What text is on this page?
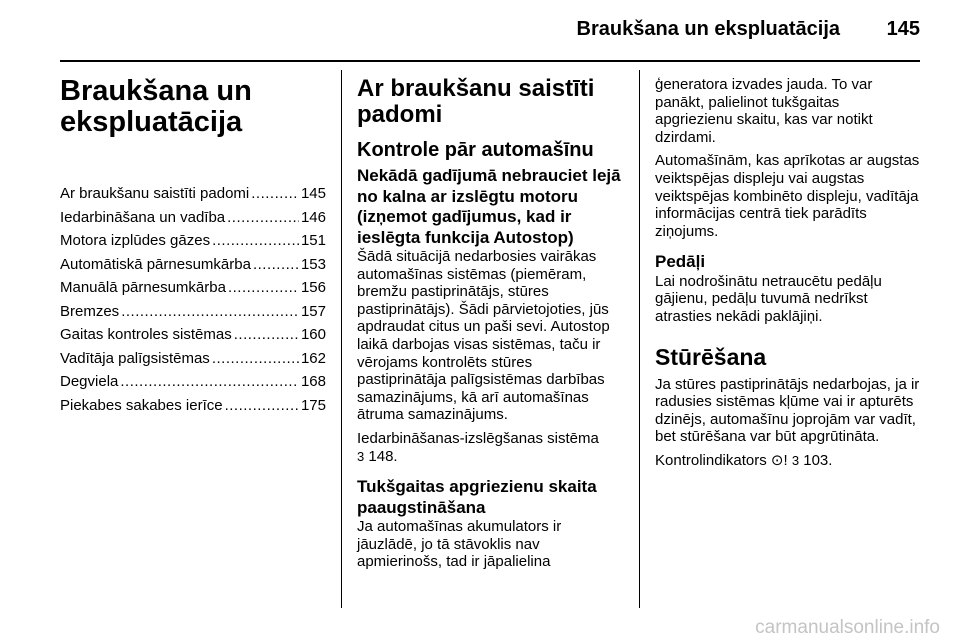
Braukšana un ekspluatācija 145
Braukšana un
ekspluatācija
Ar braukšanu saistīti padomi .....	145
Iedarbināšana un vadība .....	146
Motora izplūdes gāzes .....	151
Automātiskā pārnesumkārba .....	153
Manuālā pārnesumkārba .....	156
Bremzes .....	157
Gaitas kontroles sistēmas .....	160
Vadītāja palīgsistēmas .....	162
Degviela .....	168
Piekabes sakabes ierīce .....	175
Ar braukšanu saistīti
padomi
Kontrole pār automašīnu
Nekādā gadījumā nebrauciet lejā no kalna ar izslēgtu motoru (izņemot gadījumus, kad ir ieslēgta funkcija Autostop)

Šādā situācijā nedarbosies vairākas automašīnas sistēmas (piemēram, bremžu pastiprinātājs, stūres pastiprinātājs). Šādi pārvietojoties, jūs apdraudat citus un paši sevi. Autostop laikā darbojas visas sistēmas, taču ir vērojams kontrolēts stūres pastiprinātāja palīgsistēmas darbības samazinājums, kā arī automašīnas ātruma samazinājums.

Iedarbināšanas-izslēgšanas sistēma
3 148.

Tukšgaitas apgriezienu skaita paaugstināšana

Ja automašīnas akumulators ir jāuzlādē, jo tā stāvoklis nav apmierinošs, tad ir jāpalielina

ģeneratora izvades jauda. To var panākt, palielinot tukšgaitas apgriezienu skaitu, kas var notikt dzirdami.

Automašīnām, kas aprīkotas ar augstas veiktspējas displeju vai augstas veiktspējas kombinēto displeju, vadītāja informācijas centrā tiek parādīts ziņojums.

Pedāļi

Lai nodrošinātu netraucētu pedāļu gājienu, pedāļu tuvumā nedrīkst atrasties nekādi paklājiņi.

Stūrēšana

Ja stūres pastiprinātājs nedarbojas, ja ir radusies sistēmas kļūme vai ir apturēts dzinējs, automašīnu joprojām var vadīt, bet stūrēšana var būt apgrūtināta.

Kontrolindikators ⊙! 3 103.

carmanualsonline.info
